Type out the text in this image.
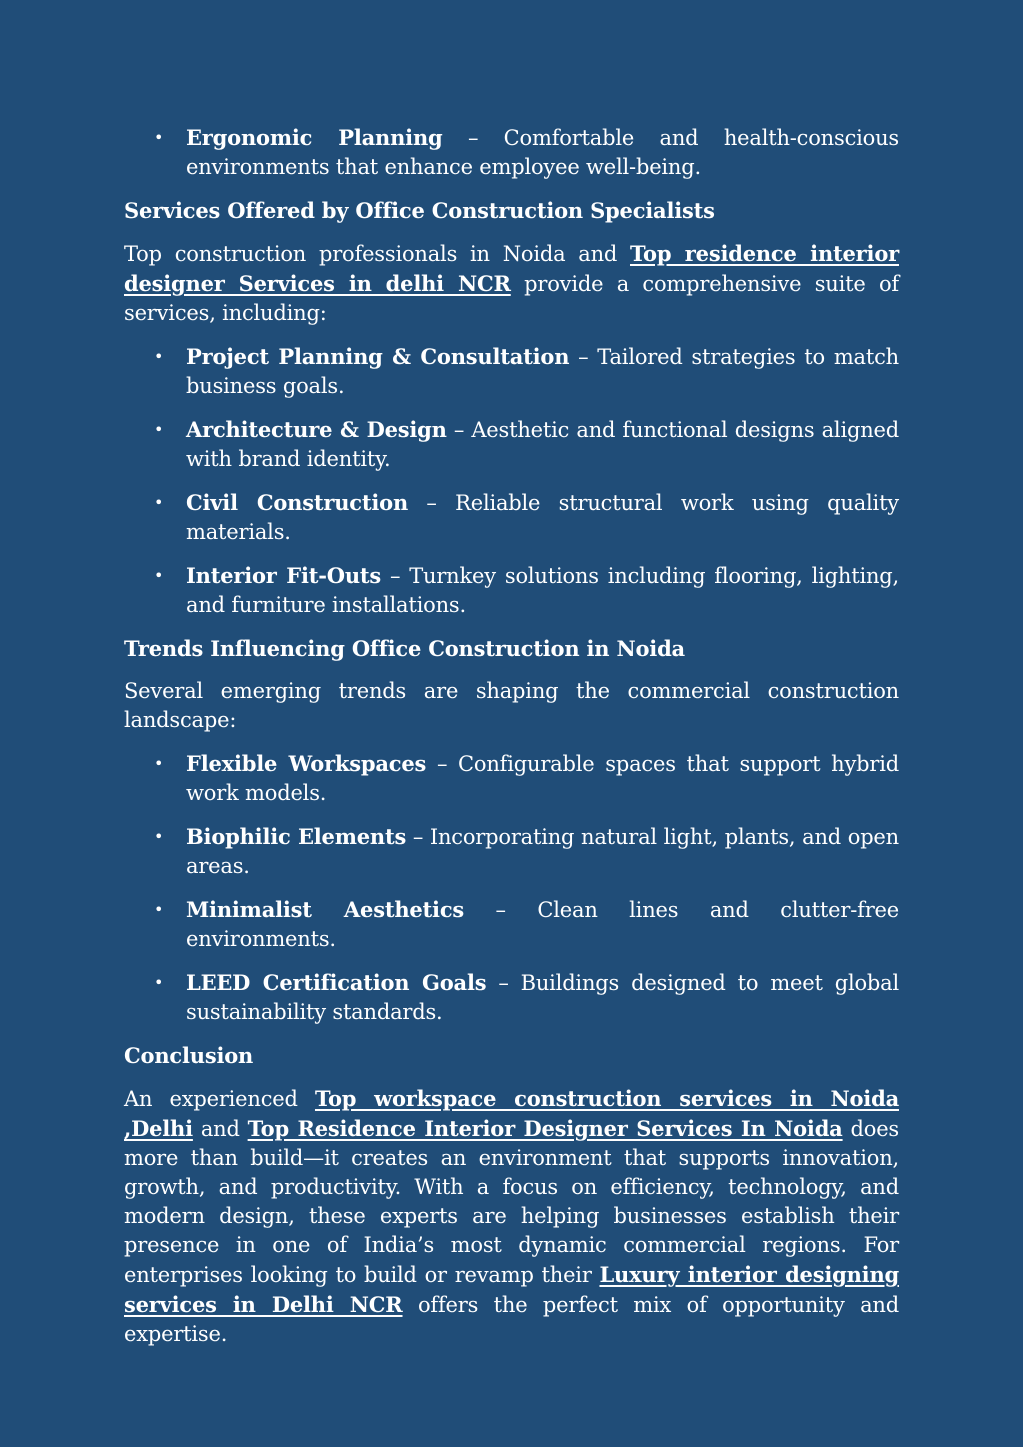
• Ergonomic Planning – Comfortable and health-conscious environments that enhance employee well-being.
Services Offered by Office Construction Specialists

Top construction professionals in Noida and Top residence interior designer Services in delhi NCR provide a comprehensive suite of services, including:

• Project Planning & Consultation – Tailored strategies to match business goals.
• Architecture & Design – Aesthetic and functional designs aligned with brand identity.
• Civil Construction – Reliable structural work using quality materials.
• Interior Fit-Outs – Turnkey solutions including flooring, lighting, and furniture installations.
Trends Influencing Office Construction in Noida

Several emerging trends are shaping the commercial construction landscape:

• Flexible Workspaces – Configurable spaces that support hybrid work models.
• Biophilic Elements – Incorporating natural light, plants, and open areas.
• Minimalist Aesthetics – Clean lines and clutter-free environments.
• LEED Certification Goals – Buildings designed to meet global sustainability standards.
Conclusion

An experienced Top workspace construction services in Noida ,Delhi and Top Residence Interior Designer Services In Noida does more than build—it creates an environment that supports innovation, growth, and productivity. With a focus on efficiency, technology, and modern design, these experts are helping businesses establish their presence in one of India’s most dynamic commercial regions. For enterprises looking to build or revamp their Luxury interior designing services in Delhi NCR offers the perfect mix of opportunity and expertise.
